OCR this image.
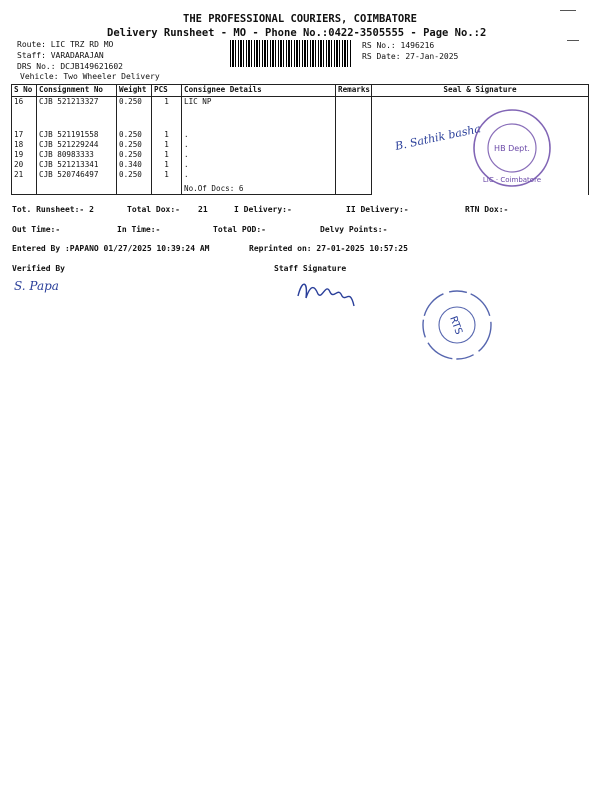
THE PROFESSIONAL COURIERS, COIMBATORE
Delivery Runsheet - MO - Phone No.:0422-3505555 - Page No.:2
Route: LIC TRZ RD MO
Staff: VARADARAJAN
DRS No.: DCJB149621602
Vehicle: Two Wheeler Delivery
RS No.: 1496216
RS Date: 27-Jan-2025
S No	Consignment No	Weight	PCS	Consignee Details	Remarks	Seal & Signature
16	CJB 521213327	0.250	1	LIC NP		
17	CJB 521191558	0.250	1	.		
18	CJB 521229244	0.250	1	.		
19	CJB 80983333	0.250	1	.		
20	CJB 521213341	0.340	1	.		
21	CJB 520746497	0.250	1	.		
				No.Of Docs: 6		
B. Sathik basha
LIC · Coimbatore
HB Dept.
Tot. Runsheet:- 2	Total Dox:- 21	I Delivery:-	II Delivery:-	RTN Dox:-
Out Time:-	In Time:-	Total POD:-	Delvy Points:-
Entered By :PAPANO 01/27/2025 10:39:24 AM	Reprinted on: 27-01-2025 10:57:25
Verified By
S. Papa
Staff Signature
RTS
